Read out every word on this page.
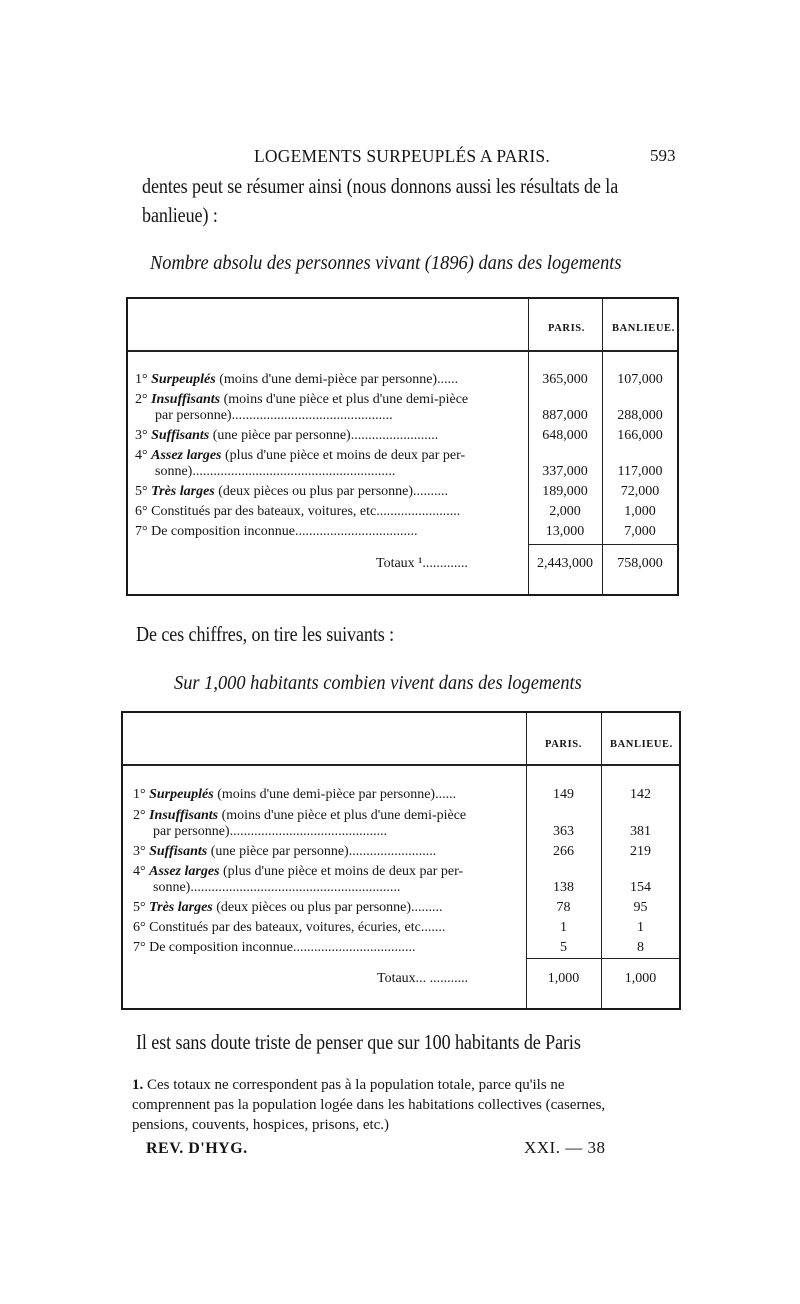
LOGEMENTS SURPEUPLÉS A PARIS.	593
dentes peut se résumer ainsi (nous donnons aussi les résultats de la
banlieue) :
Nombre absolu des personnes vivant (1896) dans des logements
PARIS.	BANLIEUE.
1° Surpeuplés (moins d'une demi-pièce par personne)......	365,000	107,000
2° Insuffisants (moins d'une pièce et plus d'une demi-pièce
par personne)..............................................	887,000	288,000
3° Suffisants (une pièce par personne).........................	648,000	166,000
4° Assez larges (plus d'une pièce et moins de deux par per-
sonne)..........................................................	337,000	117,000
5° Très larges (deux pièces ou plus par personne)..........	189,000	72,000
6° Constitués par des bateaux, voitures, etc........................	2,000	1,000
7° De composition inconnue...................................	13,000	7,000
Totaux ¹.............	2,443,000	758,000
De ces chiffres, on tire les suivants :
Sur 1,000 habitants combien vivent dans des logements
PARIS.	BANLIEUE.
1° Surpeuplés (moins d'une demi-pièce par personne)......	149	142
2° Insuffisants (moins d'une pièce et plus d'une demi-pièce
par personne).............................................	363	381
3° Suffisants (une pièce par personne).........................	266	219
4° Assez larges (plus d'une pièce et moins de deux par per-
sonne)............................................................	138	154
5° Très larges (deux pièces ou plus par personne).........	78	95
6° Constitués par des bateaux, voitures, écuries, etc.......	1	1
7° De composition inconnue...................................	5	8
Totaux... ...........	1,000	1,000
Il est sans doute triste de penser que sur 100 habitants de Paris
1. Ces totaux ne correspondent pas à la population totale, parce qu'ils ne
comprennent pas la population logée dans les habitations collectives (casernes,
pensions, couvents, hospices, prisons, etc.)
REV. D'HYG.	XXI. — 38
